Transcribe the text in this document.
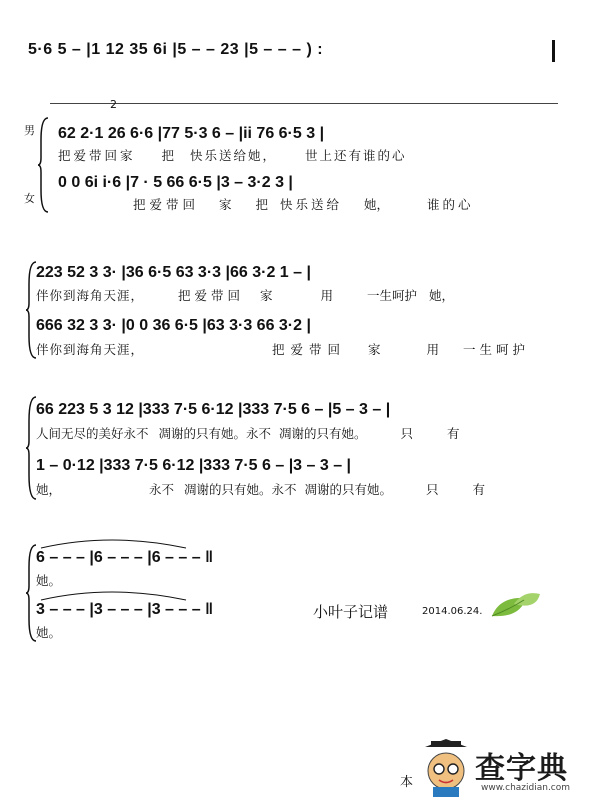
5·6 5 – |1 12 35 6i |5 – – 23 |5 – – – ) :
2
男
女
62 2·1 26 6·6 |77 5·3 6 – |ii 76 6·5 3 |
把爱带回家 把 快乐送给她， 世上还有谁的心
0 0 6i i·6 |7 · 5 66 6·5 |3 – 3·2 3 |
把爱带回 家 把 快乐送给 她，	谁的心
223 52 3 3· |36 6·5 63 3·3 |66 3·2 1 – |
伴你到海角天涯，	把爱带回 家	用	一生呵护 她，
666 32 3 3· |0 0 36 6·5 |63 3·3 66 3·2 |
伴你到海角天涯，	把爱带回 家	用 一生呵护
66 223 5 3 12 |333 7·5 6·12 |333 7·5 6 – |5 – 3 – |
人间无尽的美好永不 凋谢的只有她。永不 凋谢的只有她。	只	有
1 – 0·12 |333 7·5 6·12 |333 7·5 6 – |3 – 3 – |
她，	永不 凋谢的只有她。永不 凋谢的只有她。	只	有
6 – – – |6 – – – |6 – – – ‖
她。
3 – – – |3 – – – |3 – – – ‖
她。
小叶子记谱	2014.06.24.
本 查字典
www.chazidian.com
